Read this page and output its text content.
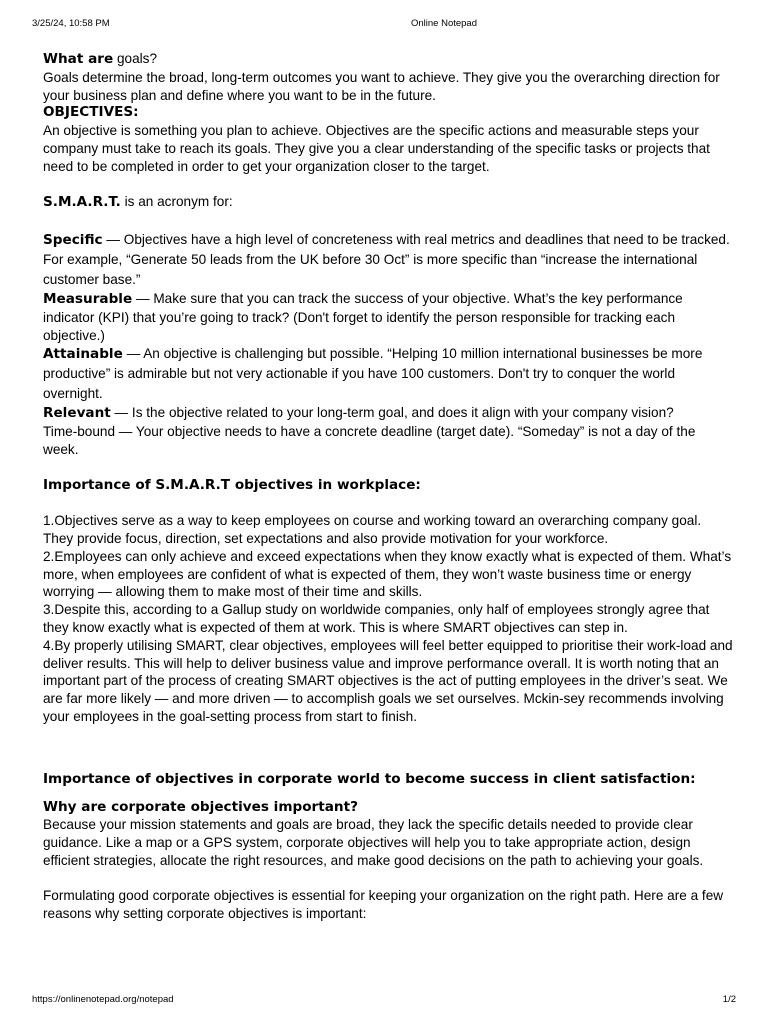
3/25/24, 10:58 PM	Online Notepad

What are goals?

Goals determine the broad, long-term outcomes you want to achieve. They give you the overarching direction for your business plan and define where you want to be in the future.

OBJECTIVES:

An objective is something you plan to achieve. Objectives are the specific actions and measurable steps your company must take to reach its goals. They give you a clear understanding of the specific tasks or projects that need to be completed in order to get your organization closer to the target.

S.M.A.R.T. is an acronym for:

Specific — Objectives have a high level of concreteness with real metrics and deadlines that need to be tracked. For example, “Generate 50 leads from the UK before 30 Oct” is more specific than “increase the international customer base.”

Measurable — Make sure that you can track the success of your objective. What’s the key performance indicator (KPI) that you’re going to track? (Don't forget to identify the person responsible for tracking each objective.)

Attainable — An objective is challenging but possible. “Helping 10 million international businesses be more productive” is admirable but not very actionable if you have 100 customers. Don't try to conquer the world overnight.

Relevant — Is the objective related to your long-term goal, and does it align with your company vision?

Time-bound — Your objective needs to have a concrete deadline (target date). “Someday” is not a day of the week.

Importance of S.M.A.R.T objectives in workplace:

1.Objectives serve as a way to keep employees on course and working toward an overarching company goal. They provide focus, direction, set expectations and also provide motivation for your workforce.

2.Employees can only achieve and exceed expectations when they know exactly what is expected of them. What’s more, when employees are confident of what is expected of them, they won’t waste business time or energy worrying — allowing them to make most of their time and skills.

3.Despite this, according to a Gallup study on worldwide companies, only half of employees strongly agree that they know exactly what is expected of them at work. This is where SMART objectives can step in.

4.By properly utilising SMART, clear objectives, employees will feel better equipped to prioritise their work-load and deliver results. This will help to deliver business value and improve performance overall. It is worth noting that an important part of the process of creating SMART objectives is the act of putting employees in the driver’s seat. We are far more likely — and more driven — to accomplish goals we set ourselves. Mckin-sey recommends involving your employees in the goal-setting process from start to finish.

Importance of objectives in corporate world to become success in client satisfaction:

Why are corporate objectives important?

Because your mission statements and goals are broad, they lack the specific details needed to provide clear guidance. Like a map or a GPS system, corporate objectives will help you to take appropriate action, design efficient strategies, allocate the right resources, and make good decisions on the path to achieving your goals.

Formulating good corporate objectives is essential for keeping your organization on the right path. Here are a few reasons why setting corporate objectives is important:

https://onlinenotepad.org/notepad	1/2
